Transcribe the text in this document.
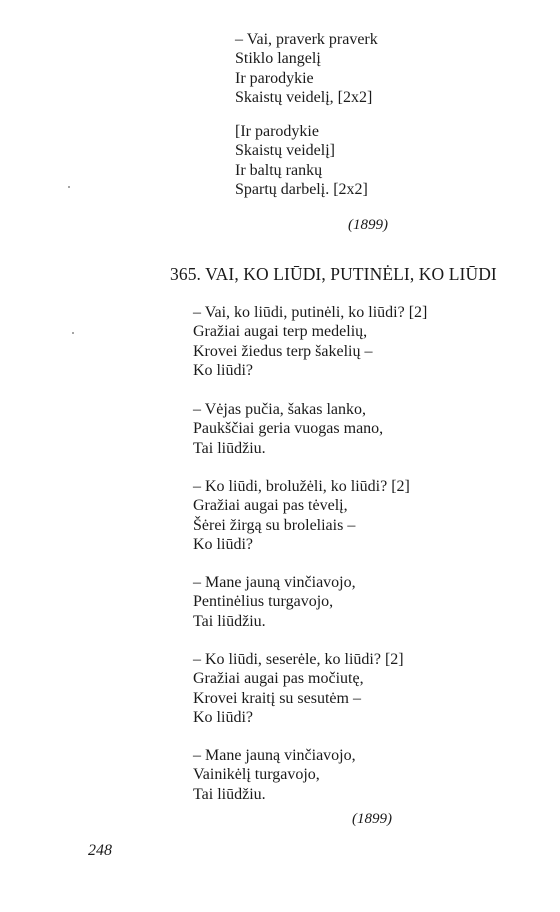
– Vai, praverk praverk
Stiklo langelį
Ir parodykie
Skaistų veidelį, [2x2]
[Ir parodykie
Skaistų veidelį]
Ir baltų rankų
Spartų darbelį. [2x2]
(1899)
365. VAI, KO LIŪDI, PUTINĖLI, KO LIŪDI
– Vai, ko liūdi, putinėli, ko liūdi? [2]
Gražiai augai terp medelių,
Krovei žiedus terp šakelių –
Ko liūdi?
– Vėjas pučia, šakas lanko,
Paukščiai geria vuogas mano,
Tai liūdžiu.
– Ko liūdi, brolužėli, ko liūdi? [2]
Gražiai augai pas tėvelį,
Šėrei žirgą su broleliais –
Ko liūdi?
– Mane jauną vinčiavojo,
Pentinėlius turgavojo,
Tai liūdžiu.
– Ko liūdi, seserėle, ko liūdi? [2]
Gražiai augai pas močiutę,
Krovei kraitį su sesutėm –
Ko liūdi?
– Mane jauną vinčiavojo,
Vainikėlį turgavojo,
Tai liūdžiu.
(1899)
248
